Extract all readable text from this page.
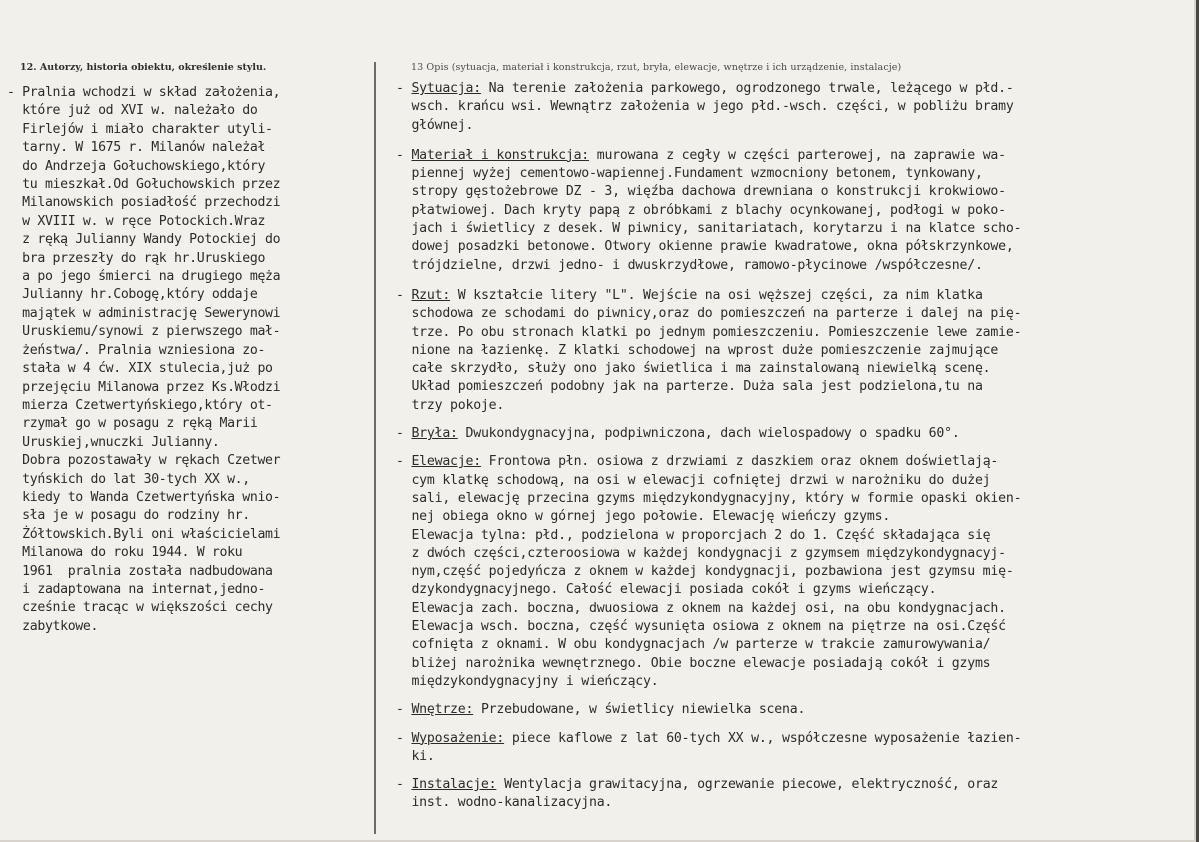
12. Autorzy, historia obiektu, określenie stylu.
- Pralnia wchodzi w skład założenia,
które już od XVI w. należało do
Firlejów i miało charakter utyli-
tarny. W 1675 r. Milanów należał
do Andrzeja Gołuchowskiego,który
tu mieszkał.Od Gołuchowskich przez
Milanowskich posiadłość przechodzi
w XVIII w. w ręce Potockich.Wraz
z ręką Julianny Wandy Potockiej do
bra przeszły do rąk hr.Uruskiego
a po jego śmierci na drugiego męża
Julianny hr.Cobogę,który oddaje
majątek w administrację Sewerynowi
Uruskiemu/synowi z pierwszego mał-
żeństwa/. Pralnia wzniesiona zo-
stała w 4 ćw. XIX stulecia,już po
przejęciu Milanowa przez Ks.Włodzi
mierza Czetwertyńskiego,który ot-
rzymał go w posagu z ręką Marii
Uruskiej,wnuczki Julianny.
Dobra pozostawały w rękach Czetwer
tyńskich do lat 30-tych XX w.,
kiedy to Wanda Czetwertyńska wnio-
sła je w posagu do rodziny hr.
Żółtowskich.Byli oni właścicielami
Milanowa do roku 1944. W roku
1961  pralnia została nadbudowana
i zadaptowana na internat,jedno-
cześnie tracąc w większości cechy
zabytkowe.
13 Opis (sytuacja, materiał i konstrukcja, rzut, bryła, elewacje, wnętrze i ich urządzenie, instalacje)
- Sytuacja: Na terenie założenia parkowego, ogrodzonego trwale, leżącego w płd.-
wsch. krańcu wsi. Wewnątrz założenia w jego płd.-wsch. części, w pobliżu bramy
głównej.
- Materiał i konstrukcja: murowana z cegły w części parterowej, na zaprawie wa-
piennej wyżej cementowo-wapiennej.Fundament wzmocniony betonem, tynkowany,
stropy gęstożebrowe DZ - 3, więźba dachowa drewniana o konstrukcji krokwiowo-
płatwiowej. Dach kryty papą z obróbkami z blachy ocynkowanej, podłogi w poko-
jach i świetlicy z desek. W piwnicy, sanitariatach, korytarzu i na klatce scho-
dowej posadzki betonowe. Otwory okienne prawie kwadratowe, okna półskrzynkowe,
trójdzielne, drzwi jedno- i dwuskrzydłowe, ramowo-płycinowe /współczesne/.
- Rzut: W kształcie litery "L". Wejście na osi węższej części, za nim klatka
schodowa ze schodami do piwnicy,oraz do pomieszczeń na parterze i dalej na pię-
trze. Po obu stronach klatki po jednym pomieszczeniu. Pomieszczenie lewe zamie-
nione na łazienkę. Z klatki schodowej na wprost duże pomieszczenie zajmujące
całe skrzydło, służy ono jako świetlica i ma zainstalowaną niewielką scenę.
Układ pomieszczeń podobny jak na parterze. Duża sala jest podzielona,tu na
trzy pokoje.
- Bryła: Dwukondygnacyjna, podpiwniczona, dach wielospadowy o spadku 60°.
- Elewacje: Frontowa płn. osiowa z drzwiami z daszkiem oraz oknem doświetlają-
cym klatkę schodową, na osi w elewacji cofniętej drzwi w narożniku do dużej
sali, elewację przecina gzyms międzykondygnacyjny, który w formie opaski okien-
nej obiega okno w górnej jego połowie. Elewację wieńczy gzyms.
Elewacja tylna: płd., podzielona w proporcjach 2 do 1. Część składająca się
z dwóch części,czteroosiowa w każdej kondygnacji z gzymsem międzykondygnacyj-
nym,część pojedyńcza z oknem w każdej kondygnacji, pozbawiona jest gzymsu mię-
dzykondygnacyjnego. Całość elewacji posiada cokół i gzyms wieńczący.
Elewacja zach. boczna, dwuosiowa z oknem na każdej osi, na obu kondygnacjach.
Elewacja wsch. boczna, część wysunięta osiowa z oknem na piętrze na osi.Część
cofnięta z oknami. W obu kondygnacjach /w parterze w trakcie zamurowywania/
bliżej narożnika wewnętrznego. Obie boczne elewacje posiadają cokół i gzyms
międzykondygnacyjny i wieńczący.
- Wnętrze: Przebudowane, w świetlicy niewielka scena.
- Wyposażenie: piece kaflowe z lat 60-tych XX w., współczesne wyposażenie łazien-
ki.
- Instalacje: Wentylacja grawitacyjna, ogrzewanie piecowe, elektryczność, oraz
inst. wodno-kanalizacyjna.
